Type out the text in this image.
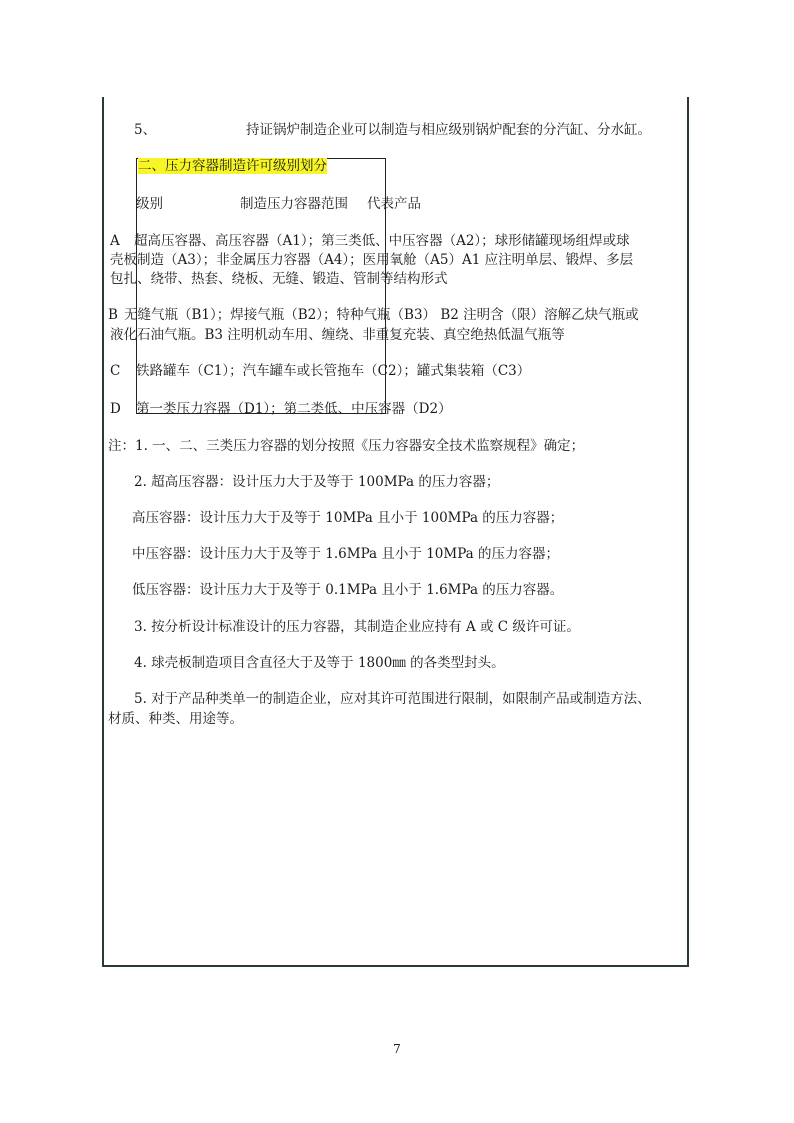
5、	持证锅炉制造企业可以制造与相应级别锅炉配套的分汽缸、分水缸。
二、压力容器制造许可级别划分
级别	制造压力容器范围 代表产品
A 超高压容器、高压容器（A1）；第三类低、中压容器（A2）；球形储罐现场组焊或球
壳板制造（A3）；非金属压力容器（A4）；医用氧舱（A5）A1 应注明单层、锻焊、多层
包扎、绕带、热套、绕板、无缝、锻造、管制等结构形式
B 无缝气瓶（B1）；焊接气瓶（B2）；特种气瓶（B3） B2 注明含（限）溶解乙炔气瓶或
液化石油气瓶。B3 注明机动车用、缠绕、非重复充装、真空绝热低温气瓶等
C 铁路罐车（C1）；汽车罐车或长管拖车（C2）；罐式集装箱（C3）
D 第一类压力容器（D1）；第二类低、中压容器（D2）
注：1. 一、二、三类压力容器的划分按照《压力容器安全技术监察规程》确定；
2. 超高压容器：设计压力大于及等于 100MPa 的压力容器；
高压容器：设计压力大于及等于 10MPa 且小于 100MPa 的压力容器；
中压容器：设计压力大于及等于 1.6MPa 且小于 10MPa 的压力容器；
低压容器：设计压力大于及等于 0.1MPa 且小于 1.6MPa 的压力容器。
3. 按分析设计标准设计的压力容器，其制造企业应持有 A 或 C 级许可证。
4. 球壳板制造项目含直径大于及等于 1800㎜ 的各类型封头。
5. 对于产品种类单一的制造企业，应对其许可范围进行限制，如限制产品或制造方法、
材质、种类、用途等。
7
